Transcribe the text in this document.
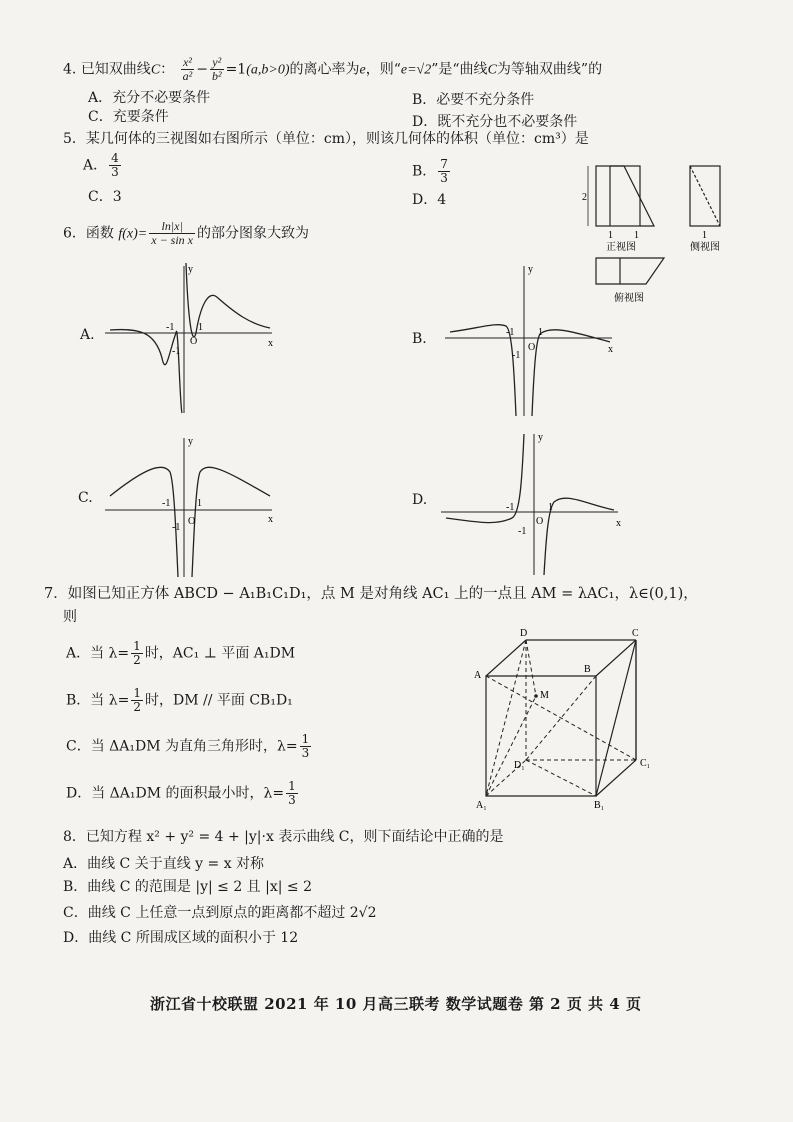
4. 已知双曲线C： $\frac{\text{x²}}{\text{a²}} - \frac{\text{y²}}{\text{b²}} =1(a,b>0)$的离心率为e，则“e=√2”是“曲线C为等轴双曲线”的
A．充分不必要条件	B．必要不充分条件
C．充要条件	D．既不充分也不必要条件
5．某几何体的三视图如右图所示（单位：cm），则该几何体的体积（单位：cm³）是
A． $\frac{4}{3}$	B． $\frac{7}{3}$
C．3	D．4	2
1 1
正视图
1
侧视图
俯视图
6．函数 $f(x)= \frac{\ln|x|}{\text{x − sin x}}$ 的部分图象大致为
A.	B.
C.	D.
y
x
O
-1 1
-1
y
x
O
-1 1
-1
y
x
O
-1	1
-1
y
x
O
-1	1
-1
7．如图已知正方体 ABCD − A₁B₁C₁D₁，点 M 是对角线 AC₁ 上的一点且 AM = λAC₁，λ∈(0,1)，
则
A．当 $\lambda= \frac{1}{2}$ 时，AC₁ ⊥ 平面 A₁DM
B．当 $\lambda= \frac{1}{2}$ 时，DM // 平面 CB₁D₁
C．当 ΔA₁DM 为直角三角形时，$\lambda= \frac{1}{3}$
D．当 ΔA₁DM 的面积最小时，$\lambda= \frac{1}{3}$
D	C
A
B
M
D₁	C₁
A₁	B₁
8．已知方程 x² + y² = 4 + |y|·x 表示曲线 C，则下面结论中正确的是
A．曲线 C 关于直线 y = x 对称
B．曲线 C 的范围是 |y| ≤ 2 且 |x| ≤ 2
C．曲线 C 上任意一点到原点的距离都不超过 2√2
D．曲线 C 所围成区域的面积小于 12
浙江省十校联盟 2021 年 10 月高三联考 数学试题卷 第 2 页 共 4 页
